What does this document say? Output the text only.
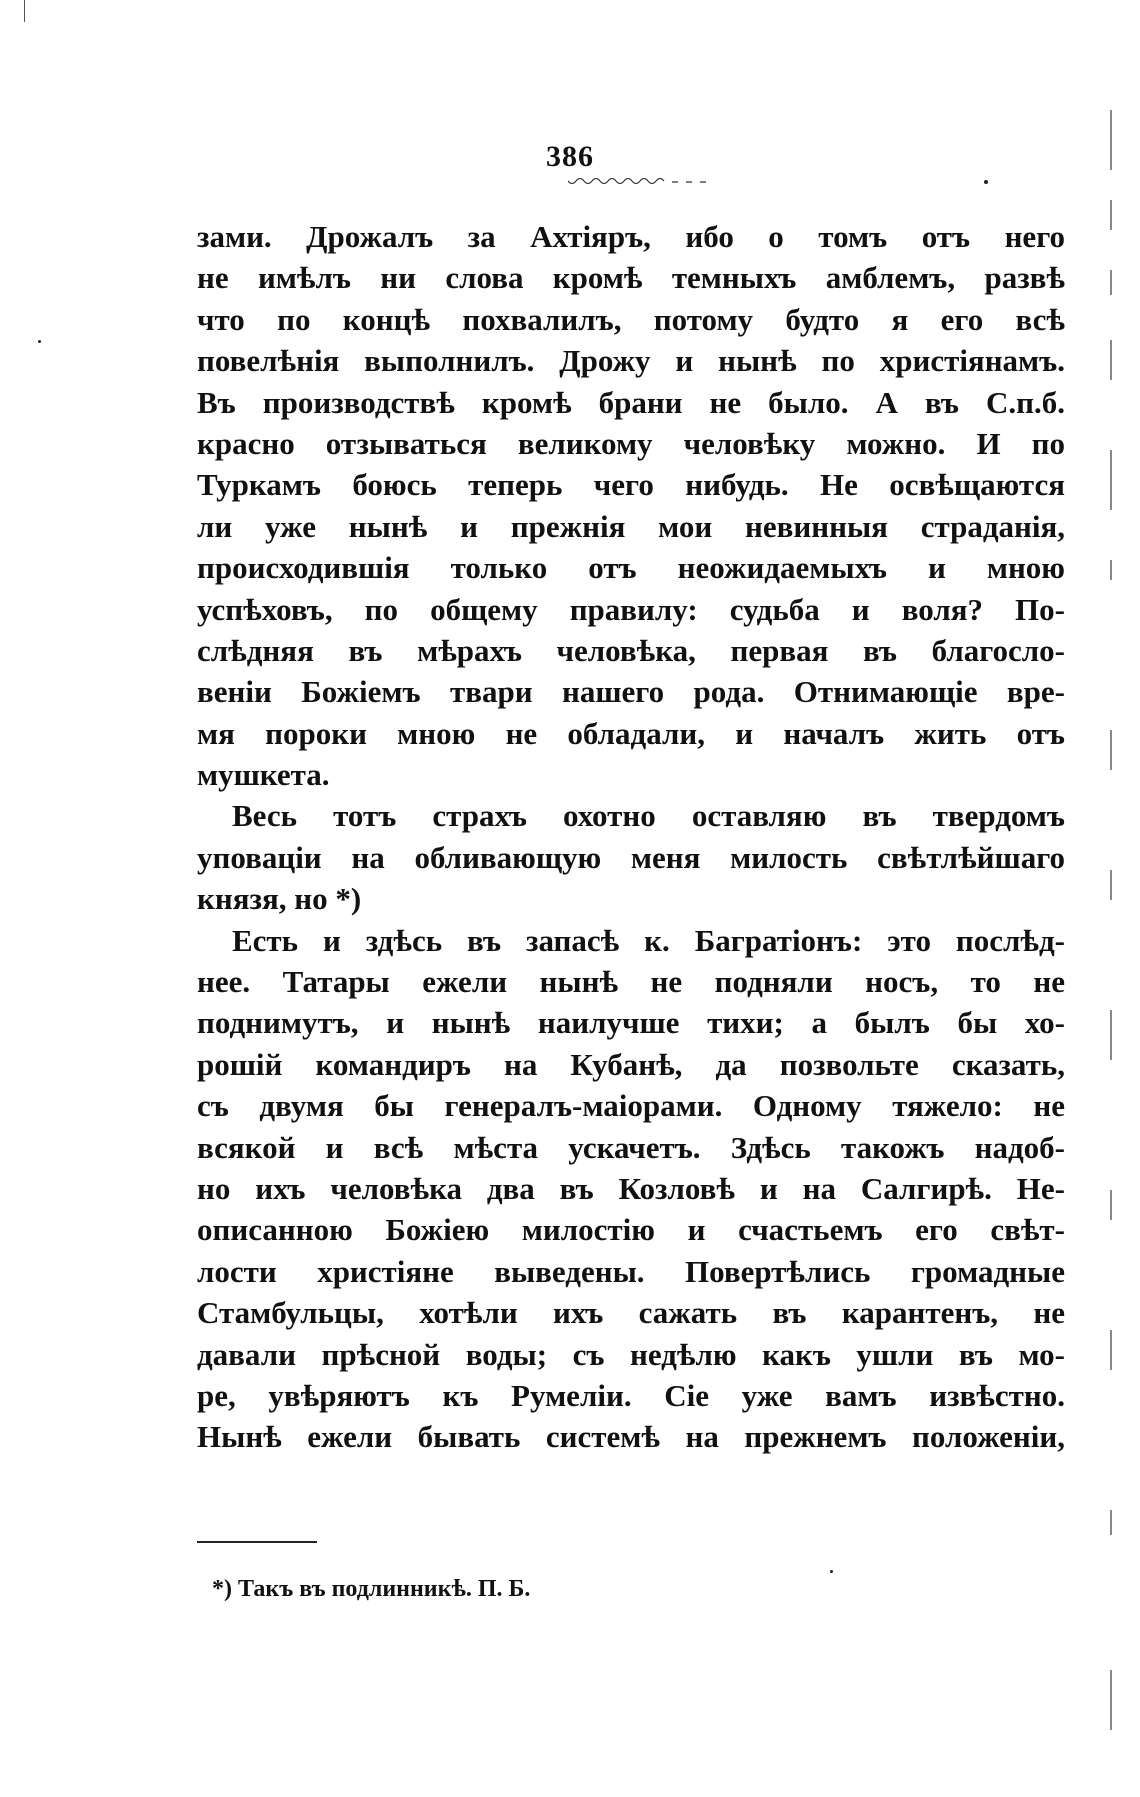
386
зами. Дрожалъ за Ахтіяръ, ибо о томъ отъ него
не имѣлъ ни слова кромѣ темныхъ амблемъ, развѣ
что по концѣ похвалилъ, потому будто я его всѣ
повелѣнія выполнилъ. Дрожу и нынѣ по христіянамъ.
Въ производствѣ кромѣ брани не было. А въ С.п.б.
красно отзываться великому человѣку можно. И по
Туркамъ боюсь теперь чего нибудь. Не освѣщаются
ли уже нынѣ и прежнія мои невинныя страданія,
происходившія только отъ неожидаемыхъ и мною
успѣховъ, по общему правилу: судьба и воля? По-
слѣдняя въ мѣрахъ человѣка, первая въ благосло-
веніи Божіемъ твари нашего рода. Отнимающіе вре-
мя пороки мною не обладали, и началъ жить отъ
мушкета.
Весь тотъ страхъ охотно оставляю въ твердомъ
уповаціи на обливающую меня милость свѣтлѣйшаго
князя, но *)
Есть и здѣсь въ запасѣ к. Багратіонъ: это послѣд-
нее. Татары ежели нынѣ не подняли носъ, то не
поднимутъ, и нынѣ наилучше тихи; а былъ бы хо-
рошій командиръ на Кубанѣ, да позвольте сказать,
съ двумя бы генералъ-маіорами. Одному тяжело: не
всякой и всѣ мѣста ускачетъ. Здѣсь такожъ надоб-
но ихъ человѣка два въ Козловѣ и на Салгирѣ. Не-
описанною Божіею милостію и счастьемъ его свѣт-
лости христіяне выведены. Повертѣлись громадные
Стамбульцы, хотѣли ихъ сажать въ карантенъ, не
давали прѣсной воды; съ недѣлю какъ ушли въ мо-
ре, увѣряютъ къ Румеліи. Сіе уже вамъ извѣстно.
Нынѣ ежели бывать системѣ на прежнемъ положеніи,
*) Такъ въ подлинникѣ. П. Б.
